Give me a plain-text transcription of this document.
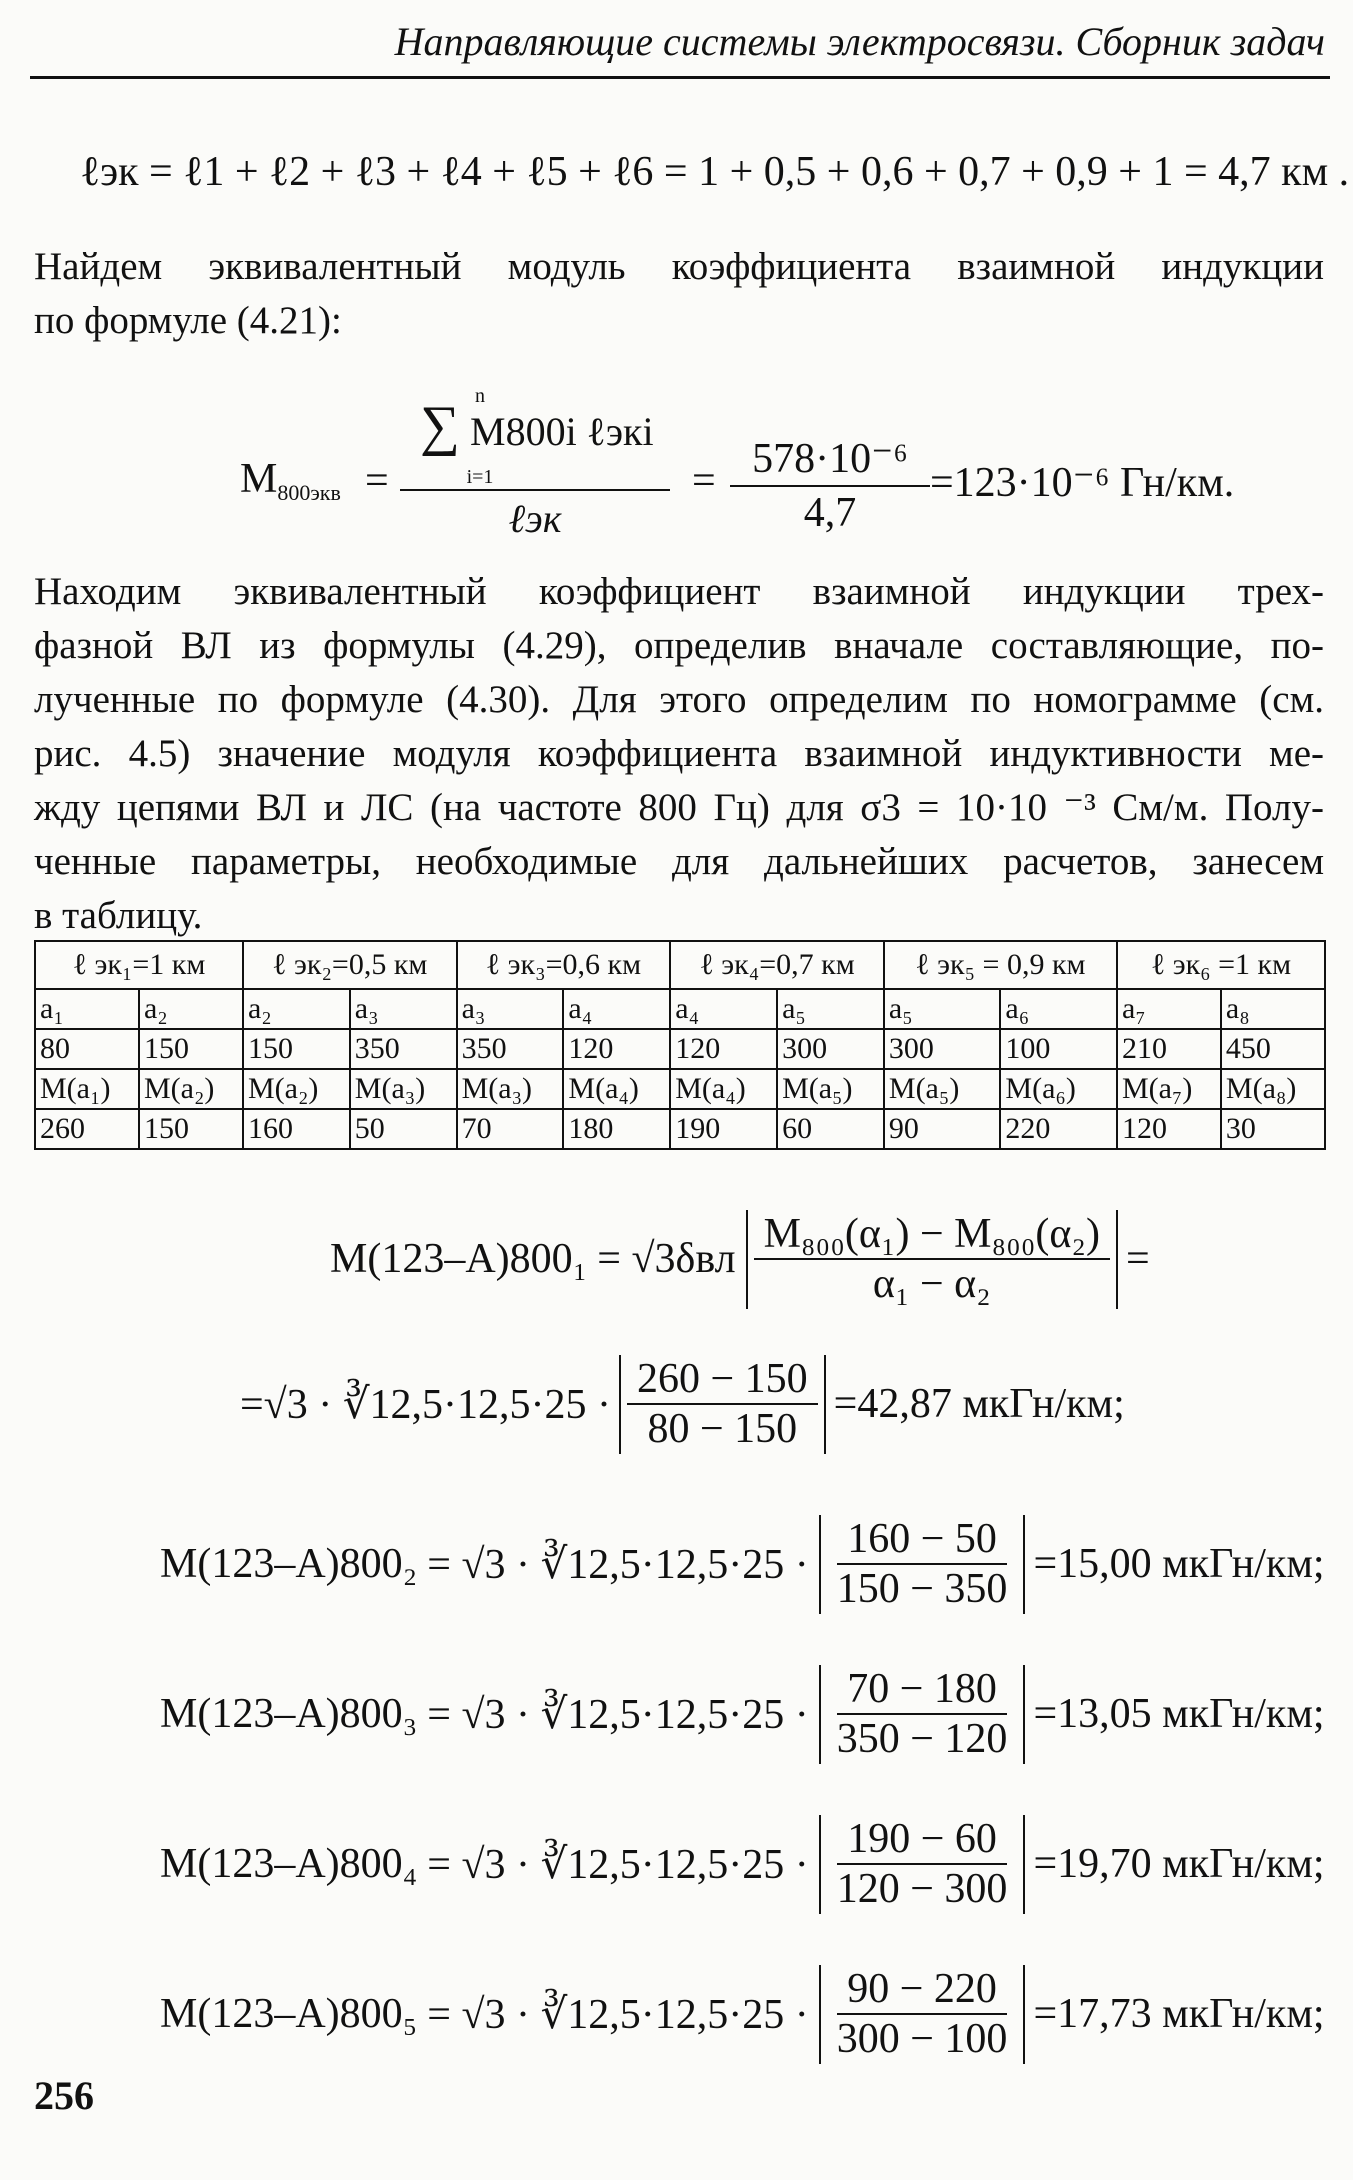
Направляющие системы электросвязи. Сборник задач
ℓэк = ℓ1 + ℓ2 + ℓ3 + ℓ4 + ℓ5 + ℓ6 = 1 + 0,5 + 0,6 + 0,7 + 0,9 + 1 = 4,7 км .
Найдем эквивалентный модуль коэффициента взаимной индукции
по формуле (4.21):
$M_{800экв}$ =
n
∑ M800i ℓэкi
i=1
ℓэк
= 578·10⁻⁶
4,7
=123·10⁻⁶ Гн/км.
Находим эквивалентный коэффициент взаимной индукции трех-
фазной ВЛ из формулы (4.29), определив вначале составляющие, по-
лученные по формуле (4.30). Для этого определим по номограмме (см.
рис. 4.5) значение модуля коэффициента взаимной индуктивности ме-
жду цепями ВЛ и ЛС (на частоте 800 Гц) для σ3 = 10·10 ⁻³ См/м. Полу-
ченные параметры, необходимые для дальнейших расчетов, занесем
в таблицу.
ℓ эк₁=1 км		ℓ эк₂=0,5 км		ℓ эк₃=0,6 км		ℓ эк₄=0,7 км		ℓ эк₅ = 0,9 км		ℓ эк₆ =1 км	
a₁	a₂	a₂	a₃	a₃	a₄	a₄	a₅	a₅	a₆	a₇	a₈
80	150	150	350	350	120	120	300	300	100	210	450
M(a₁)	M(a₂)	M(a₂)	M(a₃)	M(a₃)	M(a₄)	M(a₄)	M(a₅)	M(a₅)	M(a₆)	M(a₇)	M(a₈)
260	150	160	50	70	180	190	60	90	220	120	30
$M(123-A)800_1 = √3\delta вл \frac{\text{M₈₀₀(α₁) − M₈₀₀(α₂)}}{\text{α₁ − α₂}}$ =
=√3 · ∛12,5·12,5·25 · $\frac{260 - 150}{80 - 150} =42,87$ мкГн/км;
M(123–A)800₂ = √3 · ∛12,5·12,5·25 · $\frac{160 - 50}{150 - 350} =15,00$ мкГн/км;
M(123–A)800₃ = √3 · ∛12,5·12,5·25 · $\frac{70 - 180}{350 - 120} =13,05$ мкГн/км;
M(123–A)800₄ = √3 · ∛12,5·12,5·25 · $\frac{190 - 60}{120 - 300} =19,70$ мкГн/км;
M(123–A)800₅ = √3 · ∛12,5·12,5·25 · $\frac{90 - 220}{300 - 100} =17,73$ мкГн/км;
256
